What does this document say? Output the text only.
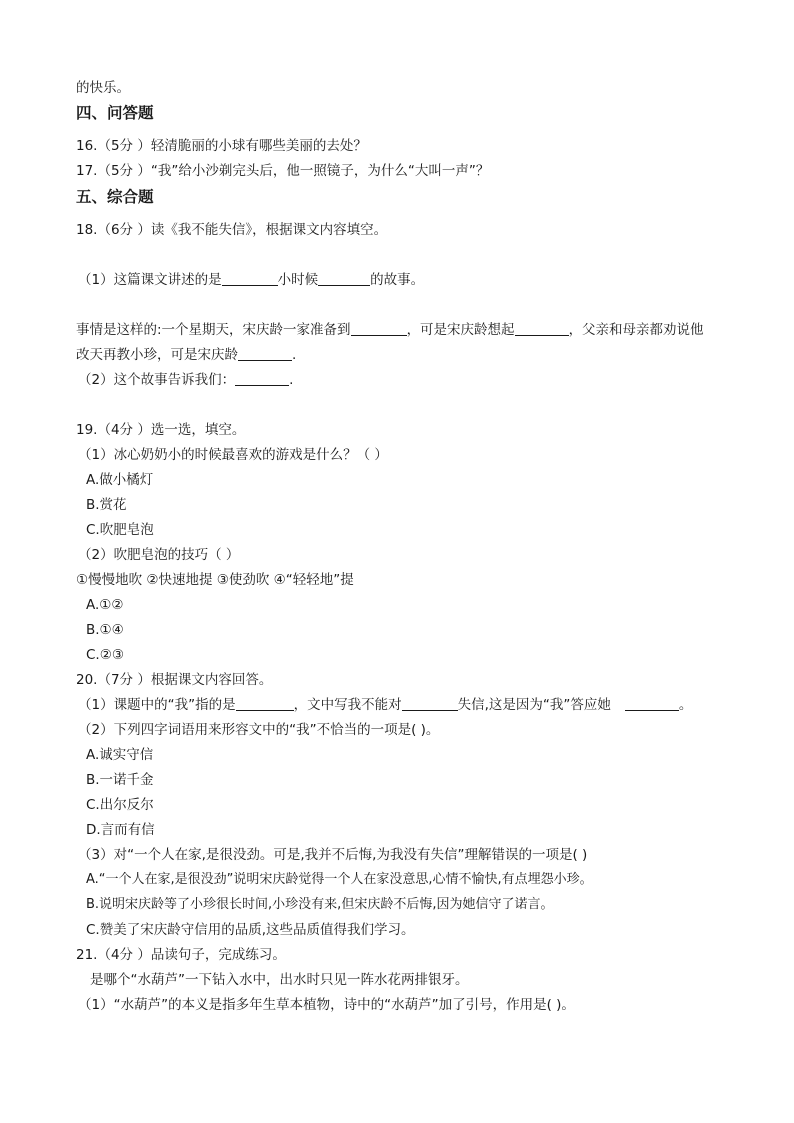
的快乐。
四、问答题
16.（5分 ）轻清脆丽的小球有哪些美丽的去处？
17.（5分 ）“我”给小沙剃完头后，他一照镜子，为什么“大叫一声”？
五、综合题
18.（6分 ）读《我不能失信》，根据课文内容填空。
（1）这篇课文讲述的是	小时候	的故事。
事情是这样的:一个星期天，宋庆龄一家准备到	，可是宋庆龄想起	，父亲和母亲都劝说他
改天再教小珍，可是宋庆龄	.
（2）这个故事告诉我们：	.
19.（4分 ）选一选，填空。
（1）冰心奶奶小的时候最喜欢的游戏是什么？（ ）
A.做小橘灯
B.赏花
C.吹肥皂泡
（2）吹肥皂泡的技巧（ ）
①慢慢地吹 ②快速地提 ③使劲吹 ④“轻轻地”提
A.①②
B.①④
C.②③
20.（7分 ）根据课文内容回答。
（1）课题中的“我”指的是	，文中写我不能对	失信,这是因为“我”答应她	。
（2）下列四字词语用来形容文中的“我”不恰当的一项是( )。
A.诚实守信
B.一诺千金
C.出尔反尔
D.言而有信
（3）对“一个人在家,是很没劲。可是,我并不后悔,为我没有失信”理解错误的一项是( )
A.“一个人在家,是很没劲”说明宋庆龄觉得一个人在家没意思,心情不愉快,有点埋怨小珍。
B.说明宋庆龄等了小珍很长时间,小珍没有来,但宋庆龄不后悔,因为她信守了诺言。
C.赞美了宋庆龄守信用的品质,这些品质值得我们学习。
21.（4分 ）品读句子，完成练习。
是哪个“水葫芦”一下钻入水中，出水时只见一阵水花两排银牙。
（1）“水葫芦”的本义是指多年生草本植物，诗中的“水葫芦”加了引号，作用是( )。
